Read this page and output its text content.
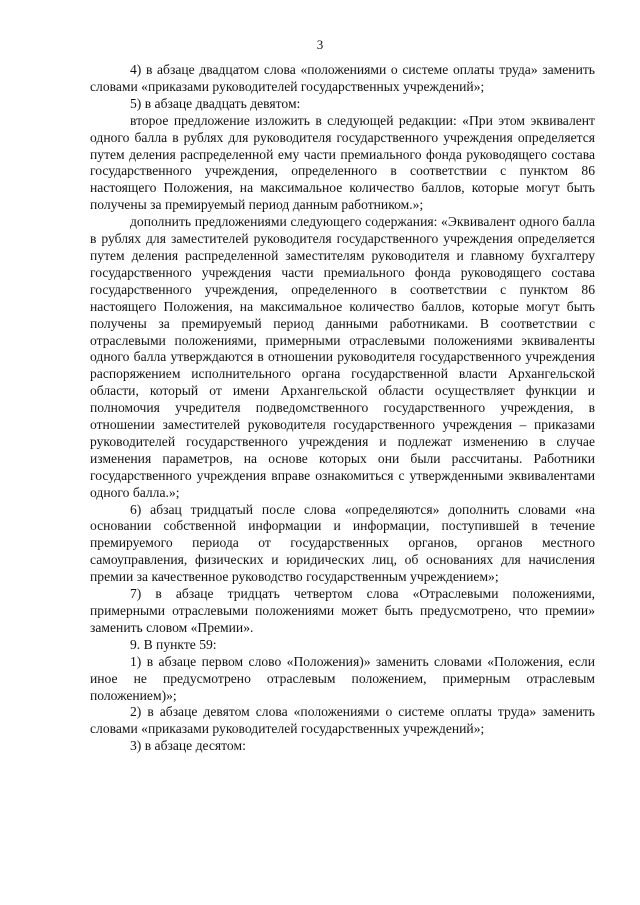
3

4) в абзаце двадцатом слова «положениями о системе оплаты труда» заменить словами «приказами руководителей государственных учреждений»;

5) в абзаце двадцать девятом:

второе предложение изложить в следующей редакции: «При этом эквивалент одного балла в рублях для руководителя государственного учреждения определяется путем деления распределенной ему части премиального фонда руководящего состава государственного учреждения, определенного в соответствии с пунктом 86 настоящего Положения, на максимальное количество баллов, которые могут быть получены за премируемый период данным работником.»;

дополнить предложениями следующего содержания: «Эквивалент одного балла в рублях для заместителей руководителя государственного учреждения определяется путем деления распределенной заместителям руководителя и главному бухгалтеру государственного учреждения части премиального фонда руководящего состава государственного учреждения, определенного в соответствии с пунктом 86 настоящего Положения, на максимальное количество баллов, которые могут быть получены за премируемый период данными работниками. В соответствии с отраслевыми положениями, примерными отраслевыми положениями эквиваленты одного балла утверждаются в отношении руководителя государственного учреждения распоряжением исполнительного органа государственной власти Архангельской области, который от имени Архангельской области осуществляет функции и полномочия учредителя подведомственного государственного учреждения, в отношении заместителей руководителя государственного учреждения – приказами руководителей государственного учреждения и подлежат изменению в случае изменения параметров, на основе которых они были рассчитаны. Работники государственного учреждения вправе ознакомиться с утвержденными эквивалентами одного балла.»;

6) абзац тридцатый после слова «определяются» дополнить словами «на основании собственной информации и информации, поступившей в течение премируемого периода от государственных органов, органов местного самоуправления, физических и юридических лиц, об основаниях для начисления премии за качественное руководство государственным учреждением»;

7) в абзаце тридцать четвертом слова «Отраслевыми положениями, примерными отраслевыми положениями может быть предусмотрено, что премии» заменить словом «Премии».

9. В пункте 59:

1) в абзаце первом слово «Положения)» заменить словами «Положения, если иное не предусмотрено отраслевым положением, примерным отраслевым положением)»;

2) в абзаце девятом слова «положениями о системе оплаты труда» заменить словами «приказами руководителей государственных учреждений»;

3) в абзаце десятом:
